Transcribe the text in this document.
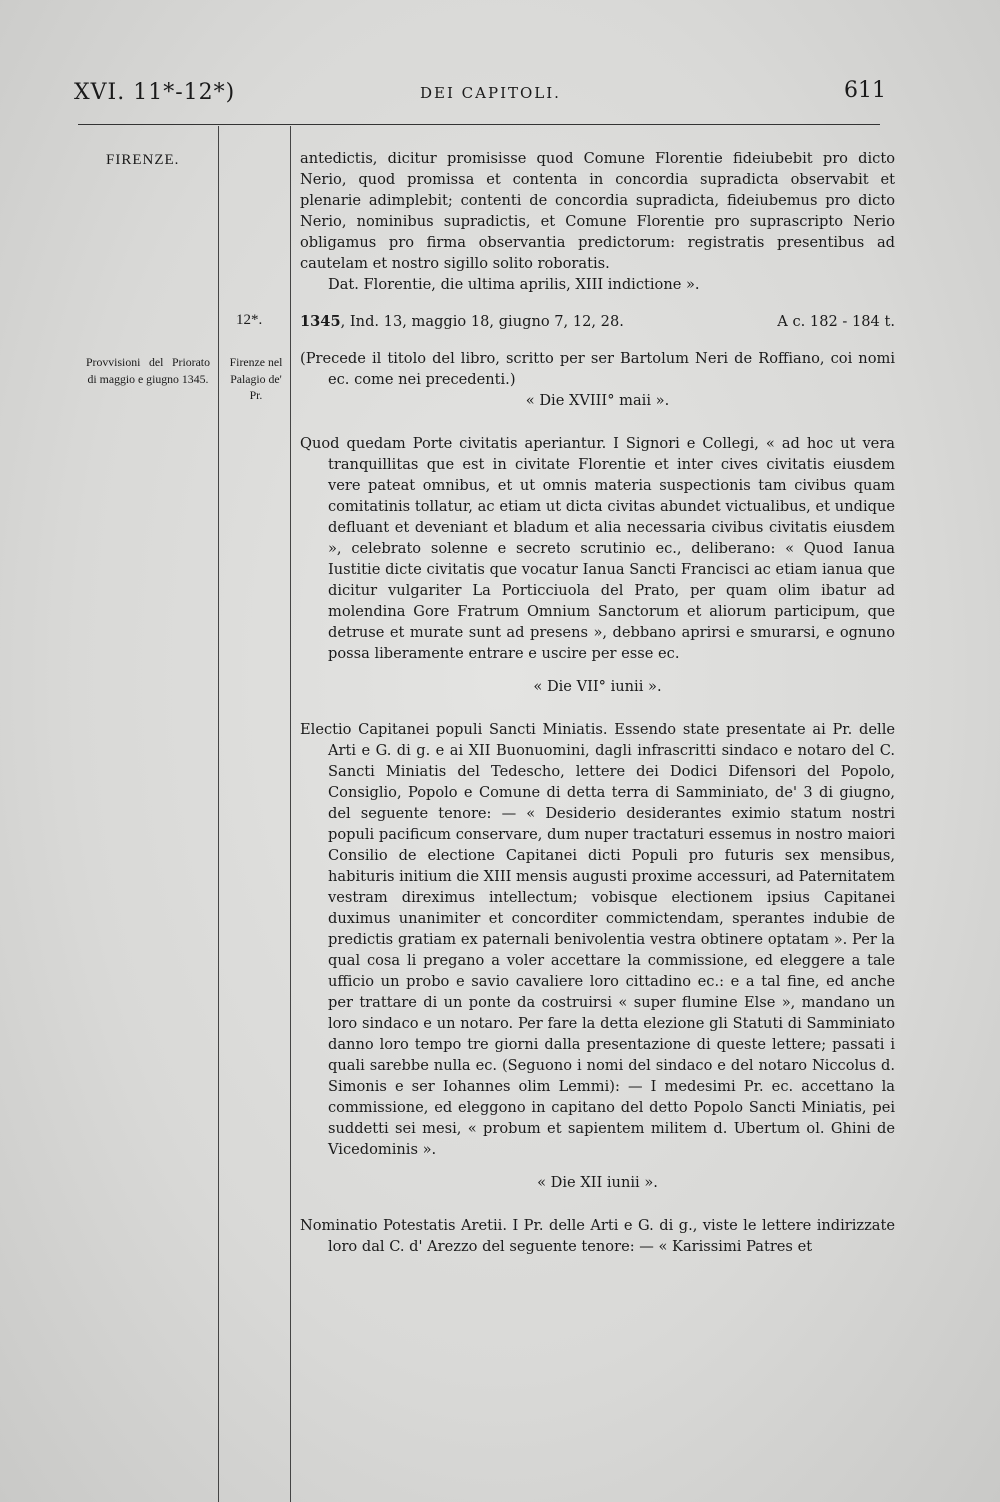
XVI. 11*-12*)	DEI CAPITOLI.	611
FIRENZE.
Provvisioni del Priorato di maggio e giugno 1345.
12*.
Firenze nel Palagio de' Pr.

antedictis, dicitur promisisse quod Comune Florentie fideiubebit pro dicto Nerio, quod promissa et contenta in concordia supradicta observabit et plenarie adimplebit; contenti de concordia supradicta, fideiubemus pro dicto Nerio, nominibus supradictis, et Comune Florentie pro suprascripto Nerio obligamus pro firma observantia predictorum: registratis presentibus ad cautelam et nostro sigillo solito roboratis.

Dat. Florentie, die ultima aprilis, XIII indictione ».

1345, Ind. 13, maggio 18, giugno 7, 12, 28.	A c. 182 - 184 t.

(Precede il titolo del libro, scritto per ser Bartolum Neri de Roffiano, coi nomi ec. come nei precedenti.)

« Die XVIII° maii ».

Quod quedam Porte civitatis aperiantur. I Signori e Collegi, « ad hoc ut vera tranquillitas que est in civitate Florentie et inter cives civitatis eiusdem vere pateat omnibus, et ut omnis materia suspectionis tam civibus quam comitatinis tollatur, ac etiam ut dicta civitas abundet victualibus, et undique defluant et deveniant et bladum et alia necessaria civibus civitatis eiusdem », celebrato solenne e secreto scrutinio ec., deliberano: « Quod Ianua Iustitie dicte civitatis que vocatur Ianua Sancti Francisci ac etiam ianua que dicitur vulgariter La Porticciuola del Prato, per quam olim ibatur ad molendina Gore Fratrum Omnium Sanctorum et aliorum participum, que detruse et murate sunt ad presens », debbano aprirsi e smurarsi, e ognuno possa liberamente entrare e uscire per esse ec.

« Die VII° iunii ».

Electio Capitanei populi Sancti Miniatis. Essendo state presentate ai Pr. delle Arti e G. di g. e ai XII Buonuomini, dagli infrascritti sindaco e notaro del C. Sancti Miniatis del Tedescho, lettere dei Dodici Difensori del Popolo, Consiglio, Popolo e Comune di detta terra di Samminiato, de' 3 di giugno, del seguente tenore: — « Desiderio desiderantes eximio statum nostri populi pacificum conservare, dum nuper tractaturi essemus in nostro maiori Consilio de electione Capitanei dicti Populi pro futuris sex mensibus, habituris initium die XIII mensis augusti proxime accessuri, ad Paternitatem vestram direximus intellectum; vobisque electionem ipsius Capitanei duximus unanimiter et concorditer commictendam, sperantes indubie de predictis gratiam ex paternali benivolentia vestra obtinere optatam ». Per la qual cosa li pregano a voler accettare la commissione, ed eleggere a tale ufficio un probo e savio cavaliere loro cittadino ec.: e a tal fine, ed anche per trattare di un ponte da costruirsi « super flumine Else », mandano un loro sindaco e un notaro. Per fare la detta elezione gli Statuti di Samminiato danno loro tempo tre giorni dalla presentazione di queste lettere; passati i quali sarebbe nulla ec. (Seguono i nomi del sindaco e del notaro Niccolus d. Simonis e ser Iohannes olim Lemmi): — I medesimi Pr. ec. accettano la commissione, ed eleggono in capitano del detto Popolo Sancti Miniatis, pei suddetti sei mesi, « probum et sapientem militem d. Ubertum ol. Ghini de Vicedominis ».

« Die XII iunii ».

Nominatio Potestatis Aretii. I Pr. delle Arti e G. di g., viste le lettere indirizzate loro dal C. d' Arezzo del seguente tenore: — « Karissimi Patres et
